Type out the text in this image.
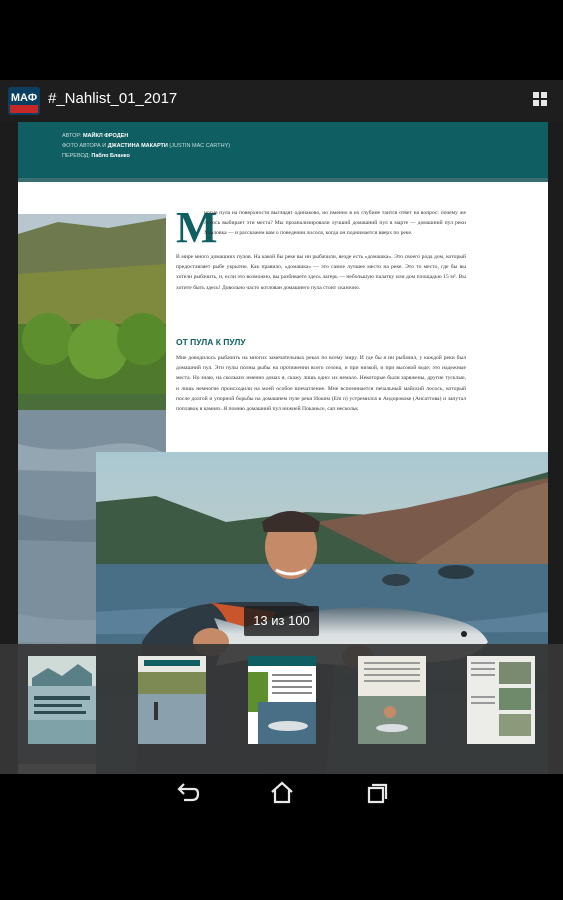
МАФ #_Nahlist_01_2017
АВТОР: МАЙКЛ ФРОДЕН
ФОТО АВТОРА И ДЖАСТИНА МАКАРТИ (JUSTIN MAC CARTHY)
ПЕРЕВОД: Пабло Бланко
М
ногие пула на поверхности выглядят одинаково, но именно в их глубине таится ответ на вопрос: почему же лосось выбирает эти места? Мы проанализировали лучший домашний пул в марте — домашний пул реки Харловка — и расскажем вам о поведении лосося, когда он поднимается вверх по реке.
В мире много домашних пулов. На какой бы реке вы ни рыбачили, везде есть «домашка». Это своего рода дом, который предоставляет рыбе укрытие. Как правило, «домашка» — это самое лучшее место на реке. Это то место, где бы вы хотели рыбачить, и, если это возможно, вы разбиваете здесь лагерь — небольшую палатку или дом площадью 15 м². Вы хотите быть здесь! Довольно часто котлован домашнего пула стоит сказочно.
ОТ ПУЛА К ПУЛУ
Мне доводилось рыбачить на многих замечательных реках по всему миру. И где бы я ни рыбачил, у каждой реки был домашний пул. Эти пулы полны рыбы на протяжении всего сезона, и при низкой, и при высокой воде; это надежные места. Но знаю, на скольких именно домах я, скажу лишь одно: их немало. Некоторые были заряжены, другие тусклые, и лишь немногие происходили на моей особое впечатление. Мне вспоминается печальный майский лосось, который после долгой и упорной борьбы на домашнем пуле реки Иоким (Em n) устремился в Андорококе (Ансаттова) и запутал поплавок в камнях. Я помню домашний пул нижней Поканьсе, сап нескольк
13 из 100
